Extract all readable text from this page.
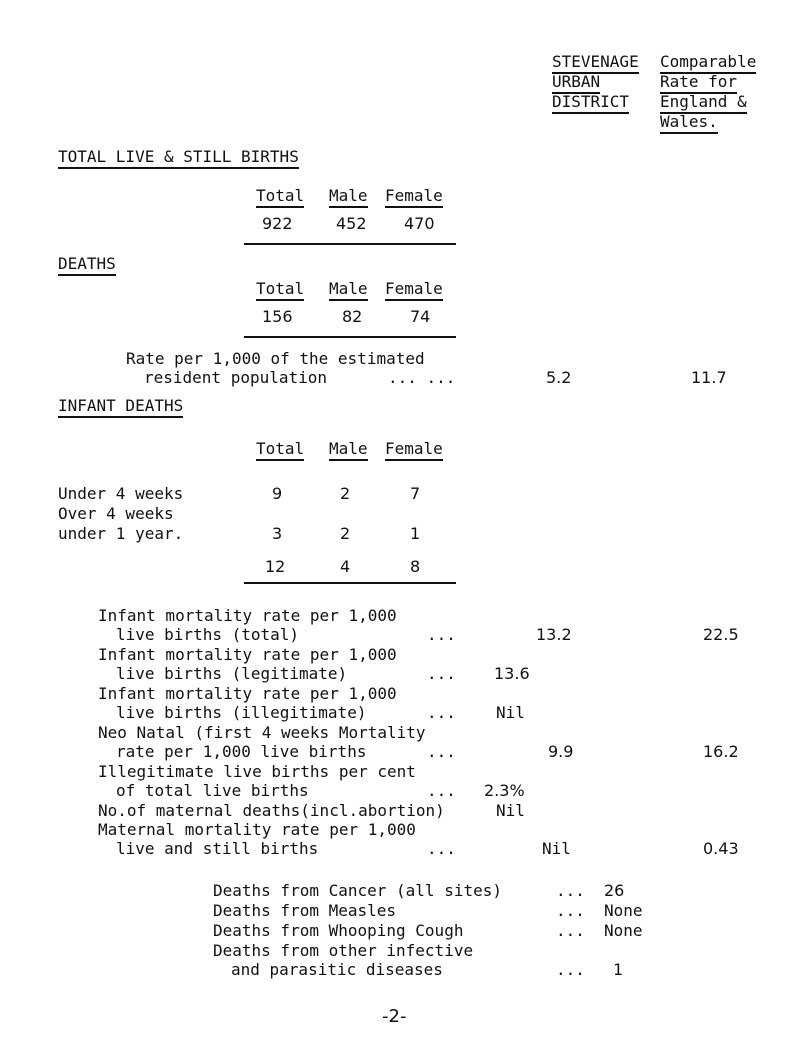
STEVENAGE
URBAN
DISTRICT
Comparable
Rate for
England &
Wales.
TOTAL LIVE & STILL BIRTHS
Total Male Female
922	452 470
DEATHS
Total Male Female
156	82	74
Rate per 1,000 of the estimated
resident population	... ...	5.2	11.7
INFANT DEATHS
Total Male Female
Under 4 weeks	9	2	7
Over 4 weeks
under 1 year.	3	2	1
12	4	8
Infant mortality rate per 1,000
live births (total)	...	13.2	22.5
Infant mortality rate per 1,000
live births (legitimate)	... 13.6
Infant mortality rate per 1,000
live births (illegitimate)	...	Nil
Neo Natal (first 4 weeks Mortality
rate per 1,000 live births	...	9.9	16.2
Illegitimate live births per cent
of total live births	... 2.3%
No.of maternal deaths(incl.abortion)	Nil
Maternal mortality rate per 1,000
live and still births	...	Nil	0.43
Deaths from Cancer (all sites)	... 26
Deaths from Measles	... None
Deaths from Whooping Cough	... None
Deaths from other infective
and parasitic diseases	... 1
-2-
